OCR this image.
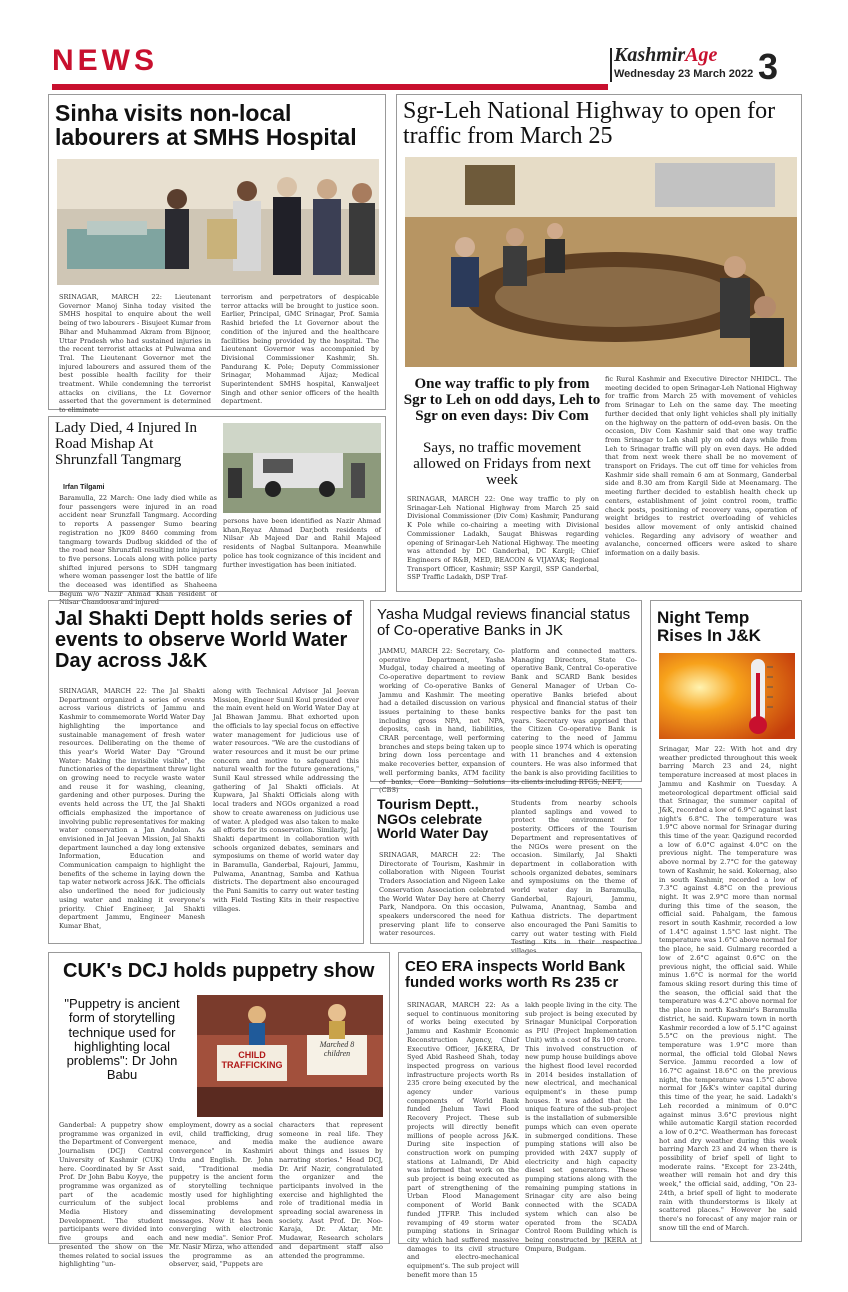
NEWS	KashmirAge
Wednesday 23 March 2022 3
Sinha visits non-local labourers at SMHS Hospital
SRINAGAR, MARCH 22: Lieutenant Governor Manoj Sinha today visited the SMHS hospital to enquire about the well being of two labourers - Bisujeet Kumar from Bihar and Muhammad Akram from Bijnoor, Uttar Pradesh who had sustained injuries in the recent terrorist attacks at Pulwama and Tral. The Lieutenant Governor met the injured labourers and assured them of the best possible health facility for their treatment. While condemning the terrorist attacks on civilians, the Lt Governor asserted that the government is determined to eliminate
terrorism and perpetrators of despicable terror attacks will be brought to justice soon. Earlier, Principal, GMC Srinagar, Prof. Samia Rashid briefed the Lt Governor about the condition of the injured and the healthcare facilities being provided by the hospital. The Lieutenant Governor was accompanied by Divisional Commissioner Kashmir, Sh. Pandurang K. Pole; Deputy Commissioner Srinagar, Mohammad Aijaz; Medical Superintendent SMHS hospital, Kanwaljeet Singh and other senior officers of the health department.
Lady Died, 4 Injured In Road Mishap At Shrunzfall Tangmarg
Irfan Tilgami
Baramulla, 22 March: One lady died while as four passengers were injured in an road accident near Srunzfall Tangmarg. According to reports A passenger Sumo bearing registration no JK09 8460 comming from tangmarg towards Dudbug skidded of the of the road near Shrunzfall resulting into injuries to five persons. Locals along with police party shifted injured persons to SDH tangmarg where woman passenger lost the battle of life the deceased was identified as Shaheena Begum w/o Nazir Ahmad Khan resident of Nilsar Chandoosa and injured
persons have been identified as Nazir Ahmad khan,Reyaz Ahmad Dar,both residents of Nilsar Ab Majeed Dar and Rahil Majeed residents of Nagbal Sultanpora. Meanwhile police has took cognizance of this incident and further investigation has been initiated.
Sgr-Leh National Highway to open for traffic from March 25
One way traffic to ply from Sgr to Leh on odd days, Leh to Sgr on even days: Div Com
Says, no traffic movement allowed on Fridays from next week
SRINAGAR, MARCH 22: One way traffic to ply on Srinagar-Leh National Highway from March 25 said Divisional Commissioner (Div Com) Kashmir, Pandurang K Pole while co-chairing a meeting with Divisional Commissioner Ladakh, Saugat Bhiswas regarding opening of Srinagar-Leh National Highway. The meeting was attended by DC Ganderbal, DC Kargil; Chief Engineers of R&B, MED, BEACON & VIJAYAK; Regional Transport Officer, Kashmir; SSP Kargil, SSP Ganderbal, SSP Traffic Ladakh, DSP Traf-
fic Rural Kashmir and Executive Director NHIDCL. The meeting decided to open Srinagar-Leh National Highway for traffic from March 25 with movement of vehicles from Srinagar to Leh on the same day. The meeting further decided that only light vehicles shall ply initially on the highway on the pattern of odd-even basis. On the occasion, Div Com Kashmir said that one way traffic from Srinagar to Leh shall ply on odd days while from Leh to Srinagar traffic will ply on even days. He added that from next week there shall be no movement of transport on Fridays. The cut off time for vehicles from Kashmir side shall remain 6 am at Sonmarg, Ganderbal side and 8.30 am from Kargil Side at Meenamarg. The meeting further decided to establish health check up centers, establishment of joint control room, traffic check posts, positioning of recovery vans, operation of weight bridges to restrict overloading of vehicles besides allow movement of only antiskid chained vehicles. Regarding any advisory of weather and avalanche, concerned officers were asked to share information on a daily basis.
Jal Shakti Deptt holds series of events to observe World Water Day across J&K
SRINAGAR, MARCH 22: The Jal Shakti Department organized a series of events across various districts of Jammu and Kashmir to commemorate World Water Day highlighting the importance and sustainable management of fresh water resources. Deliberating on the theme of this year's World Water Day "Ground Water: Making the invisible visible", the functionaries of the department threw light on growing need to recycle waste water and reuse it for washing, cleaning, gardening and other purposes. During the events held across the UT, the Jal Shakti officials emphasized the importance of involving public representatives for making water conservation a Jan Andolan. As envisioned in Jal Jeevan Mission, Jal Shakti department launched a day long extensive Information, Education and Communication campaign to highlight the benefits of the scheme in laying down the tap water network across J&K. The officials also underlined the need for judiciously using water and making it everyone's priority. Chief Engineer, Jal Shakti department Jammu, Engineer Manesh Kumar Bhat,
along with Technical Advisor Jal Jeevan Mission, Engineer Sunil Koul presided over the main event held on World Water Day at Jal Bhawan Jammu. Bhat exhorted upon the officials to lay special focus on effective water management for judicious use of water resources. "We are the custodians of water resources and it must be our prime concern and motive to safeguard this natural wealth for the future generations," Sunil Kaul stressed while addressing the gathering of Jal Shakti officials. At Kupwara, Jal Shakti Officials along with local traders and NGOs organized a road show to create awareness on judicious use of water. A pledged was also taken to make all efforts for its conservation. Similarly, Jal Shakti department in collaboration with schools organized debates, seminars and symposiums on theme of world water day in Baramulla, Ganderbal, Rajouri, Jammu, Pulwama, Anantnag, Samba and Kathua districts. The department also encouraged the Pani Samitis to carry out water testing with Field Testing Kits in their respective villages.
Yasha Mudgal reviews financial status of Co-operative Banks in JK
JAMMU, MARCH 22: Secretary, Co-operative Department, Yasha Mudgal, today chaired a meeting of Co-operative department to review working of Co-operative Banks of Jammu and Kashmir. The meeting had a detailed discussion on various issues pertaining to these banks including gross NPA, net NPA, deposits, cash in hand, liabilities, CRAR percentage, well performing branches and steps being taken up to bring down loss percentage and make recoveries better, expansion of well performing banks, ATM facility of banks, Core Banking Solutions (CBS)
platform and connected matters. Managing Directors, State Co-operative Bank, Central Co-operative Bank and SCARD Bank besides General Manager of Urban Co-operative Banks briefed about physical and financial status of their respective banks for the past ten years. Secretary was apprised that the Citizen Co-operative Bank is catering to the need of Jammu people since 1974 which is operating with 11 branches and 4 extension counters. He was also informed that the bank is also providing facilities to its clients including RTGS, NEFT,
Tourism Deptt., NGOs celebrate World Water Day
SRINAGAR, MARCH 22: The Directorate of Tourism, Kashmir in collaboration with Nigeen Tourist Traders Association and Nigeen Lake Conservation Association celebrated the World Water Day here at Cherry Park, Nandpora. On this occasion, speakers underscored the need for preserving plant life to conserve water resources.
Students from nearby schools planted saplings and vowed to protect the environment for posterity. Officers of the Tourism Department and representatives of the NGOs were present on the occasion. Similarly, Jal Shakti department in collaboration with schools organized debates, seminars and symposiums on the theme of world water day in Baramulla, Ganderbal, Rajouri, Jammu, Pulwama, Anantnag, Samba and Kathua districts. The department also encouraged the Pani Samitis to carry out water testing with Field Testing Kits in their respective villages.
Night Temp Rises In J&K
Srinagar, Mar 22: With hot and dry weather predicted throughout this week barring March 23 and 24, night temperature increased at most places in Jammu and Kashmir on Tuesday. A meteorological department official said that Srinagar, the summer capital of J&K, recorded a low of 6.9°C against last night's 6.8°C. The temperature was 1.9°C above normal for Srinagar during this time of the year. Qazigund recorded a low of 6.0°C against 4.0°C on the previous night. The temperature was above normal by 2.7°C for the gateway town of Kashmir, he said. Kokernag, also in south Kashmir, recorded a low of 7.3°C against 4.8°C on the previous night. It was 2.9°C more than normal during this time of the season, the official said. Pahalgam, the famous resort in south Kashmir, recorded a low of 1.4°C against 1.5°C last night. The temperature was 1.6°C above normal for the place, he said. Gulmarg recorded a low of 2.6°C against 0.6°C on the previous night, the official said. While minus 1.6°C is normal for the world famous skiing resort during this time of the season, the official said that the temperature was 4.2°C above normal for the place in north Kashmir's Baramulla district, he said. Kupwara town in north Kashmir recorded a low of 5.1°C against 5.5°C on the previous night. The temperature was 1.9°C more than normal, the official told Global News Service. Jammu recorded a low of 16.7°C against 18.6°C on the previous night, the temperature was 1.5°C above normal for J&K's winter capital during this time of the year, he said. Ladakh's Leh recorded a minimum of 0.0°C against minus 3.6°C previous night while automatic Kargil station recorded a low of 0.2°C. Weatherman has forecast hot and dry weather during this week barring March 23 and 24 when there is possibility of brief spell of light to moderate rains. "Except for 23-24th, weather will remain hot and dry this week," the official said, adding, "On 23-24th, a brief spell of light to moderate rain with thunderstorms is likely at scattered places." However he said there's no forecast of any major rain or snow till the end of March.
CUK's DCJ holds puppetry show
"Puppetry is ancient form of storytelling technique used for highlighting local problems": Dr John Babu
CHILD TRAFFICKING
Marched 8 children
Ganderbal: A puppetry show programme was organized in the Department of Convergent Journalism (DCJ) Central University of Kashmir (CUK) here. Coordinated by Sr Asst Prof. Dr John Babu Koyye, the programme was organized as part of the academic curriculum of the subject Media History and Development. The student participants were divided into five groups and each presented the show on the themes related to social issues highlighting "un-
employment, dowry as a social evil, child trafficking, drug menace, and media convergence" in Kashmiri Urdu and English. Dr. John said, "Traditional media puppetry is the ancient form of storytelling technique mostly used for highlighting local problems and disseminating development messages. Now it has been converging with electronic and new media". Senior Prof. Mr. Nasir Mirza, who attended the programme as an observer, said, "Puppets are
characters that represent someone in real life. They make the audience aware about things and issues by narrating stories." Head DCJ, Dr. Arif Nazir, congratulated the organizer and the participants involved in the exercise and highlighted the role of traditional media in spreading social awareness in society. Asst Prof. Dr. Noo-Karaja, Dr. Aktar, Mr. Mudawar, Research scholars and department staff also attended the programme.
CEO ERA inspects World Bank funded works worth Rs 235 cr
SRINAGAR, MARCH 22: As a sequel to continuous monitoring of works being executed by Jammu and Kashmir Economic Reconstruction Agency, Chief Executive Officer, J&KERA, Dr Syed Abid Rasheed Shah, today inspected progress on various infrastructure projects worth Rs 235 crore being executed by the agency under various components of World Bank funded Jhelum Tawi Flood Recovery Project. These sub projects will directly benefit millions of people across J&K. During site inspection of construction work on pumping stations at Lalmandi, Dr Abid was informed that work on the sub project is being executed as part of strengthening of the Urban Flood Management component of World Bank funded JTFRP. This included revamping of 49 storm water pumping stations in Srinagar city which had suffered massive damages to its civil structure and electro-mechanical equipment's. The sub project will benefit more than 15
lakh people living in the city. The sub project is being executed by Srinagar Municipal Corporation as PIU (Project Implementation Unit) with a cost of Rs 109 crore. This involved construction of new pump house buildings above the highest flood level recorded in 2014 besides installation of new electrical, and mechanical equipment's in these pump houses. It was added that the unique feature of the sub-project is the installation of submersible pumps which can even operate in submerged conditions. These pumping stations will also be provided with 24X7 supply of electricity and high capacity diesel set generators. These pumping stations along with the remaining pumping stations in Srinagar city are also being connected with the SCADA system which can also be operated from the SCADA Control Room Building which is being constructed by JKERA at Ompura, Budgam.
